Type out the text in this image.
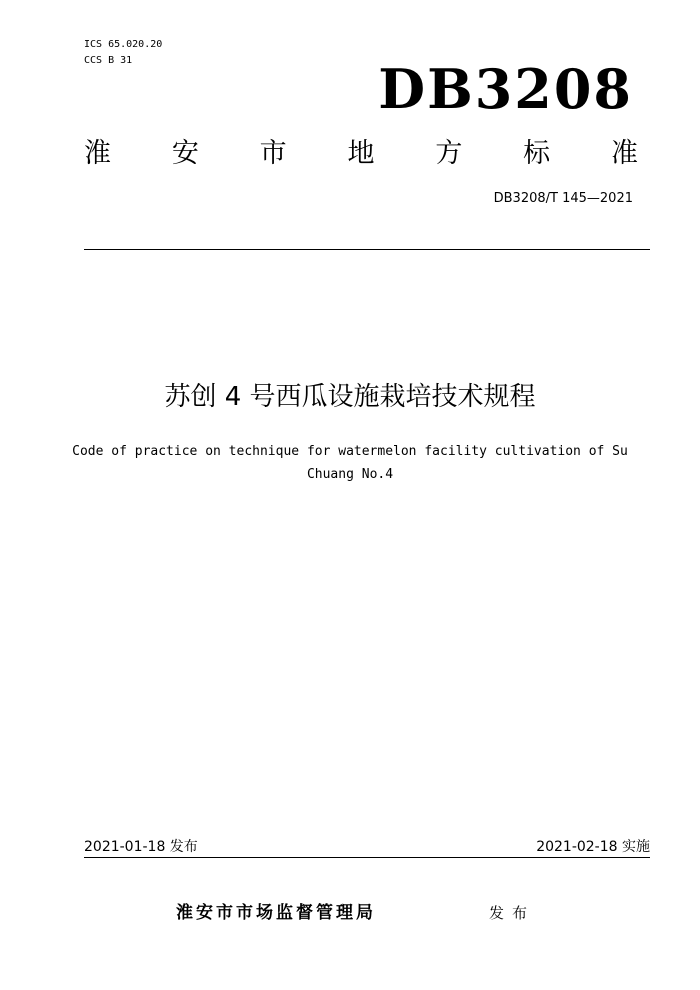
ICS 65.020.20
CCS B 31	DB3208
淮 安 市 地 方 标 准
DB3208/T 145—2021
苏创 4 号西瓜设施栽培技术规程
Code of practice on technique for watermelon facility cultivation of Su
Chuang No.4
2021-01-18 发布	2021-02-18 实施
淮安市市场监督管理局	发布
